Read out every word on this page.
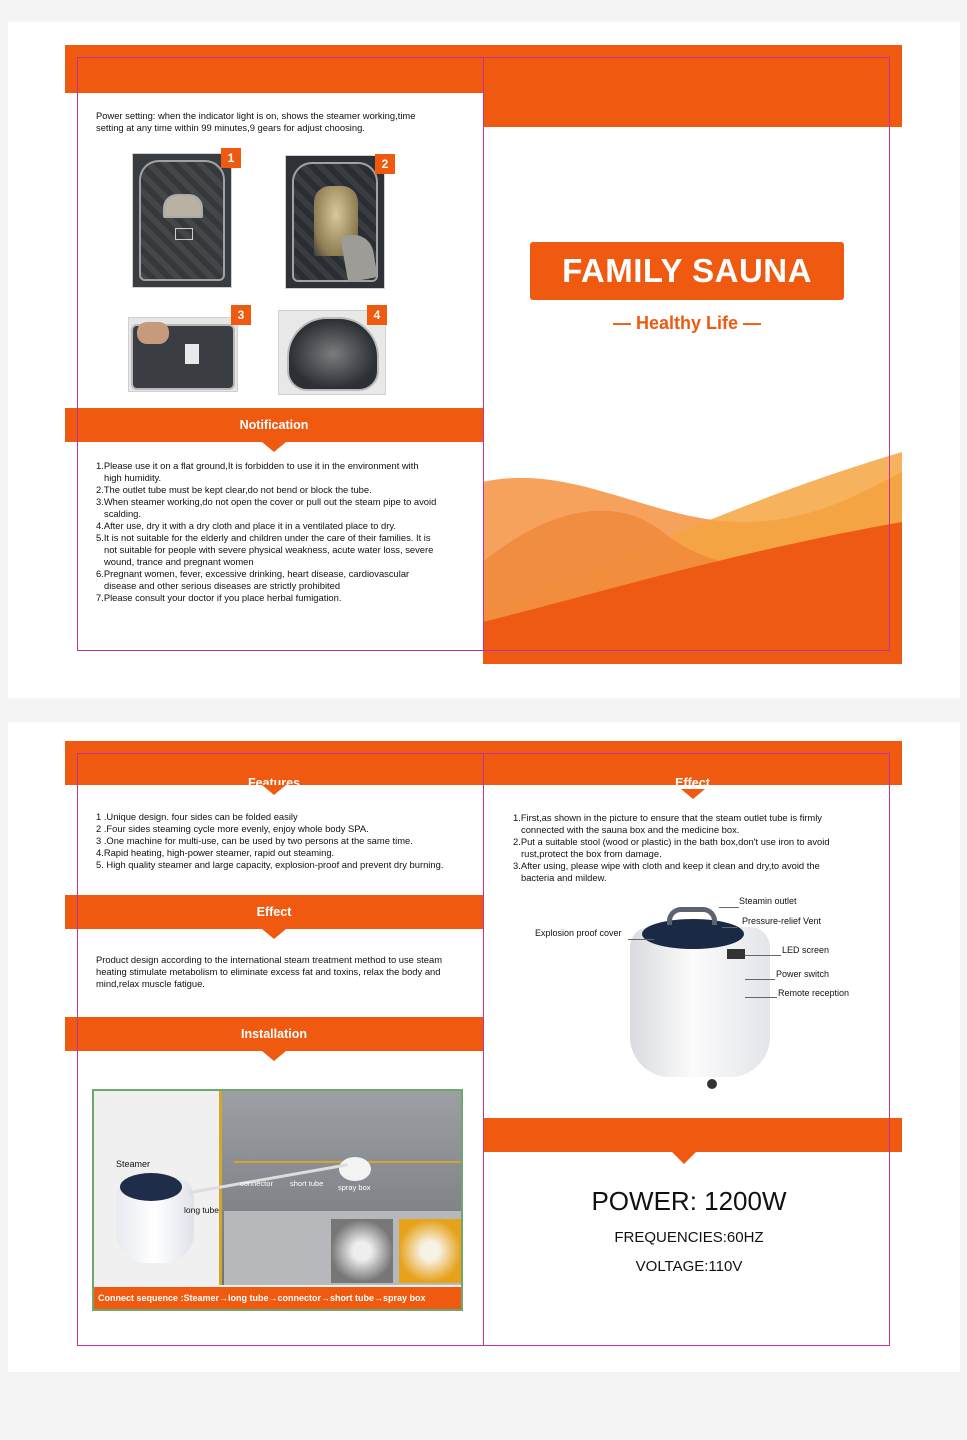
Power setting: when the indicator light is on, shows the steamer working,time setting at any time within 99 minutes,9 gears for adjust choosing.
1	2
3	4
Notification
1.Please use it on a flat ground,It is forbidden to use it in the environment with
high humidity.
2.The outlet tube must be kept clear,do not bend or block the tube.
3.When steamer working,do not open the cover or pull out the steam pipe to avoid
scalding.
4.After use, dry it with a dry cloth and place it in a ventilated place to dry.
5.It is not suitable for the elderly and children under the care of their families. It is
not suitable for people with severe physical weakness, acute water loss, severe
wound, trance and pregnant women
6.Pregnant women, fever, excessive drinking, heart disease, cardiovascular
disease and other serious diseases are strictly prohibited
7.Please consult your doctor if you place herbal fumigation.
FAMILY SAUNA
— Healthy Life —
Features	Effect
1 .Unique design. four sides can be folded easily
2 .Four sides steaming cycle more evenly, enjoy whole body SPA.
3 .One machine for multi-use, can be used by two persons at the same time.
4.Rapid heating, high-power steamer, rapid out steaming.
5. High quality steamer and large capacity, explosion-proof and prevent dry burning.
Effect
Product design according to the international steam treatment method to use steam
heating stimulate metabolism to eliminate excess fat and toxins, relax the body and
mind,relax muscle fatigue.
Installation
Steamer
long tube
connector short tube spray box
Connect sequence :Steamer→long tube→connector→short tube→spray box
1.First,as shown in the picture to ensure that the steam outlet tube is firmly
connected with the sauna box and the medicine box.
2.Put a suitable stool (wood or plastic) in the bath box,don't use iron to avoid
rust,protect the box from damage.
3.After using, please wipe with cloth and keep it clean and dry,to avoid the
bacteria and mildew.
Steamin outlet
Pressure-relief Vent
Explosion proof cover
LED screen
Power switch
Remote reception
POWER: 1200W
FREQUENCIES:60HZ
VOLTAGE:110V
